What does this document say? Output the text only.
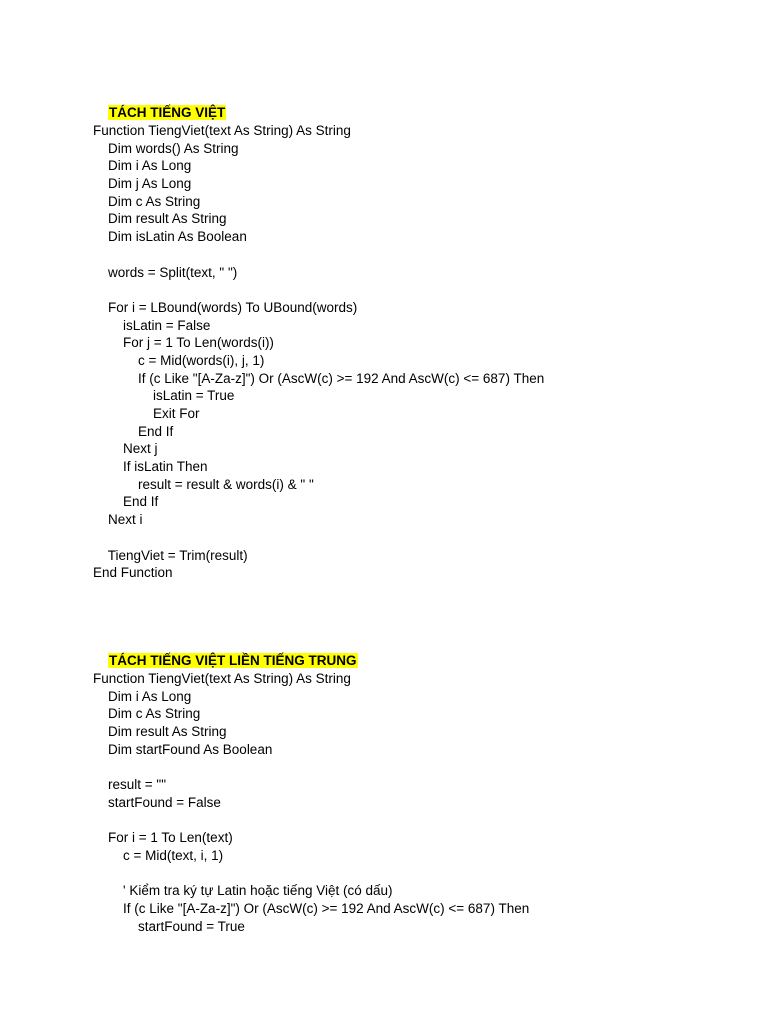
TÁCH TIẾNG VIỆT

Function TiengViet(text As String) As String
Dim words() As String
Dim i As Long
Dim j As Long
Dim c As String
Dim result As String
Dim isLatin As Boolean
words = Split(text, " ")
For i = LBound(words) To UBound(words)
isLatin = False
For j = 1 To Len(words(i))
c = Mid(words(i), j, 1)
If (c Like "[A-Za-z]") Or (AscW(c) >= 192 And AscW(c) <= 687) Then
isLatin = True
Exit For
End If
Next j
If isLatin Then
result = result & words(i) & " "
End If
Next i
TiengViet = Trim(result)
End Function

TÁCH TIẾNG VIỆT LIỀN TIẾNG TRUNG

Function TiengViet(text As String) As String
Dim i As Long
Dim c As String
Dim result As String
Dim startFound As Boolean
result = ""
startFound = False
For i = 1 To Len(text)
c = Mid(text, i, 1)
' Kiểm tra ký tự Latin hoặc tiếng Việt (có dấu)
If (c Like "[A-Za-z]") Or (AscW(c) >= 192 And AscW(c) <= 687) Then
startFound = True
